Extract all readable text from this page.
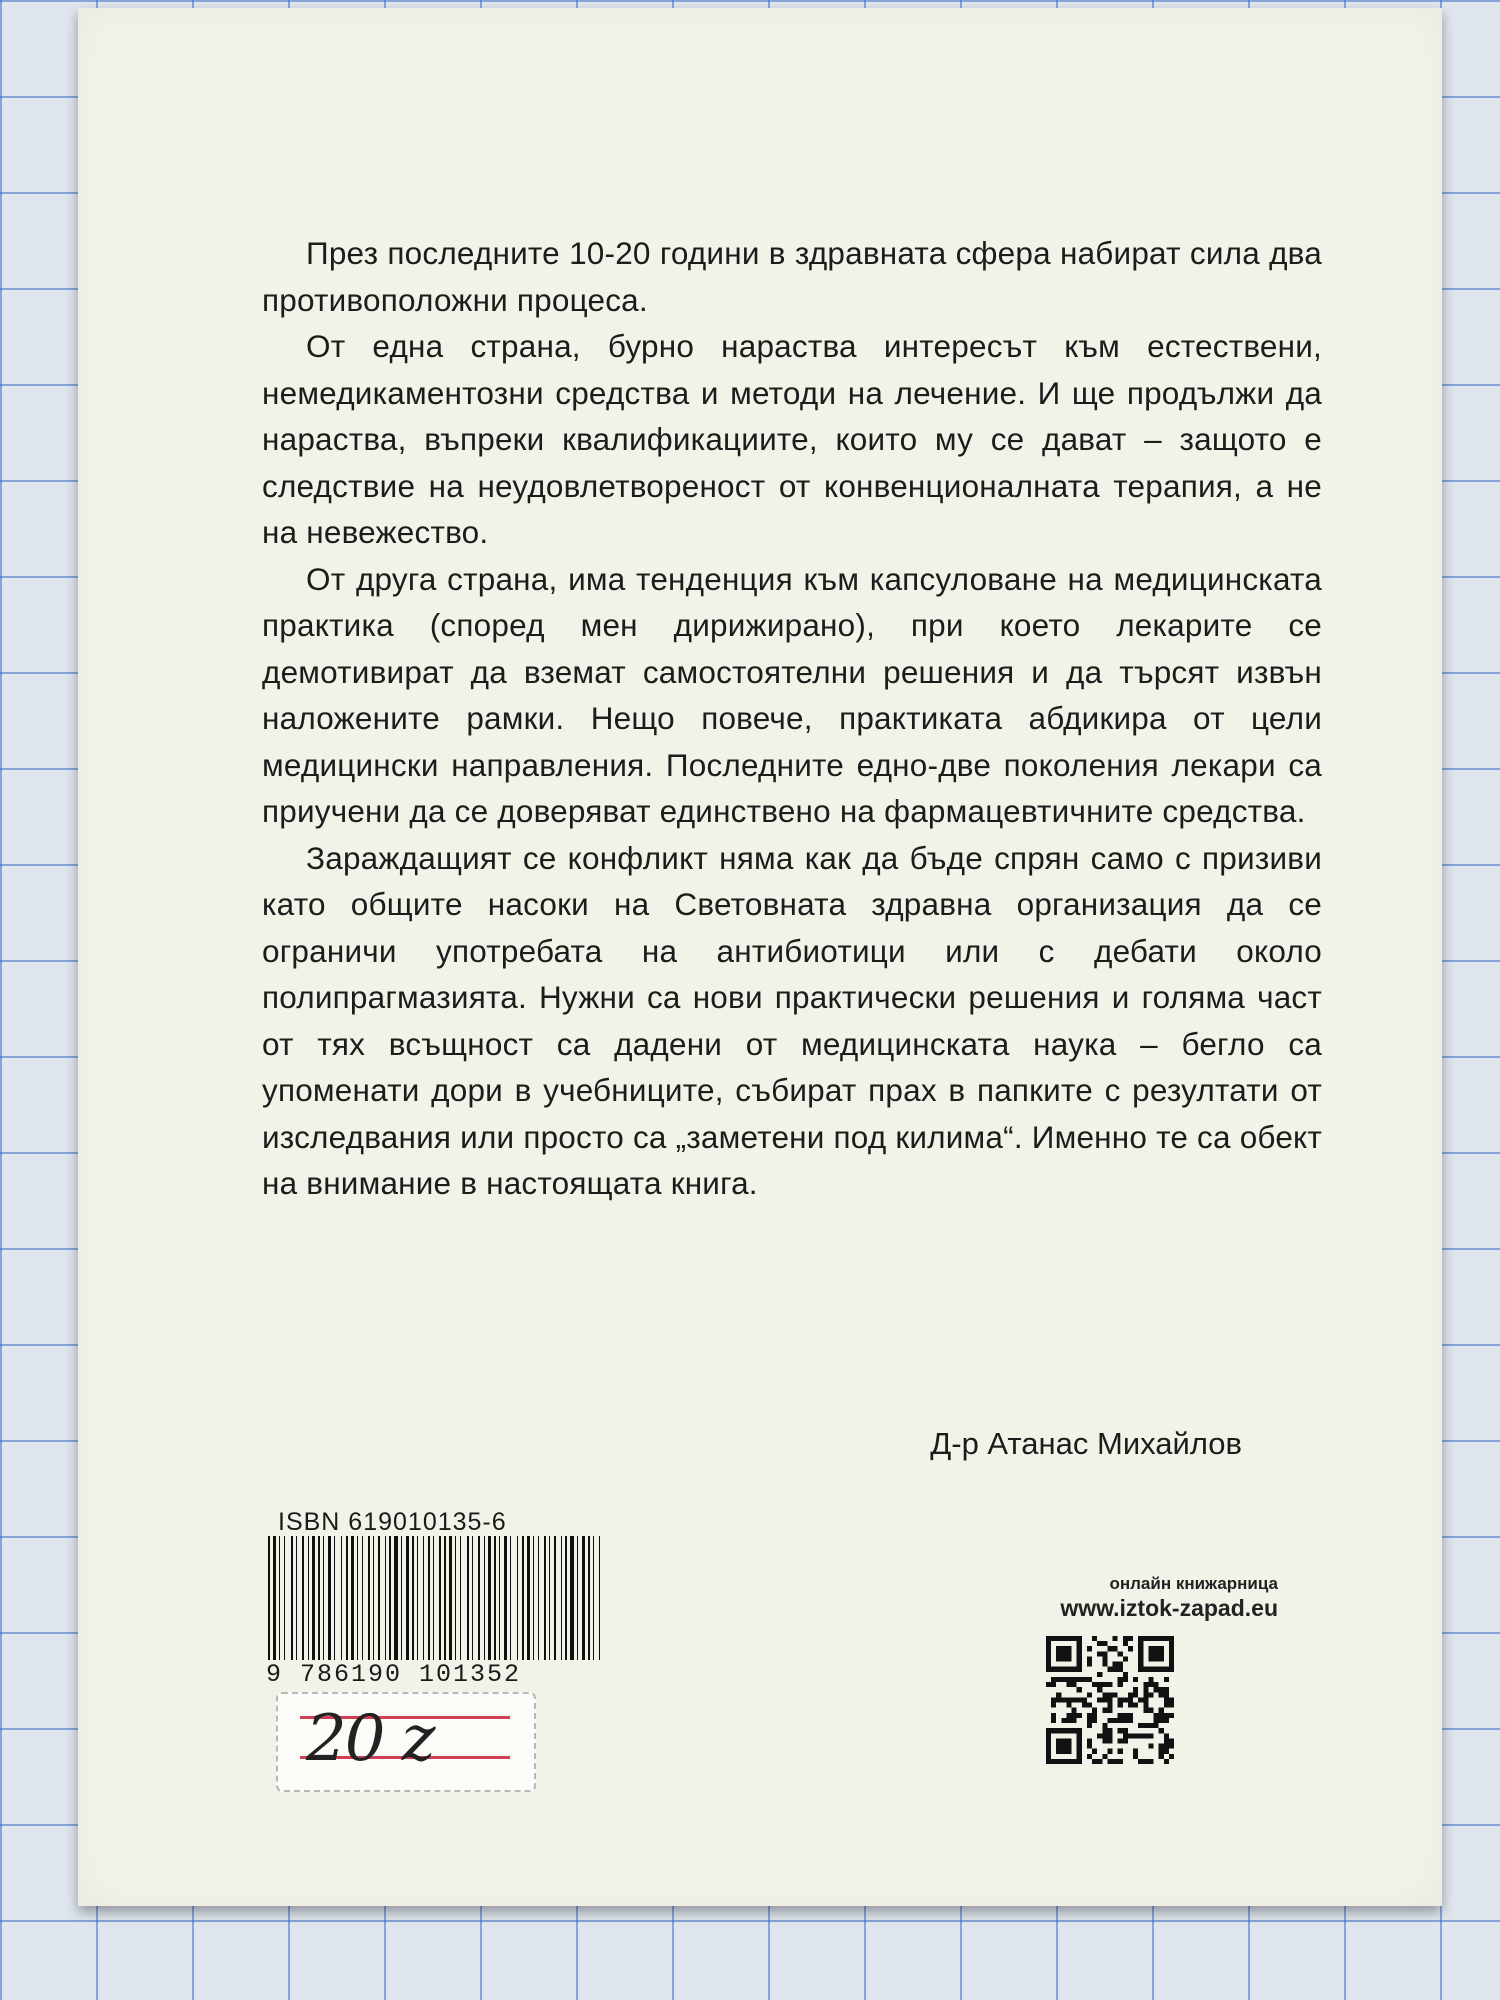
През последните 10-20 години в здравната сфера набират сила два противоположни процеса.

От една страна, бурно нараства интересът към естествени, немедикаментозни средства и методи на лечение. И ще продължи да нараства, въпреки квалификациите, които му се дават – защото е следствие на неудовлетвореност от конвенционалната терапия, а не на невежество.

От друга страна, има тенденция към капсуловане на медицинската практика (според мен дирижирано), при което лекарите се демотивират да вземат самостоятелни решения и да търсят извън наложените рамки. Нещо повече, практиката абдикира от цели медицински направления. Последните едно-две поколения лекари са приучени да се доверяват единствено на фармацевтичните средства.

Зараждащият се конфликт няма как да бъде спрян само с призиви като общите насоки на Световната здравна организация да се ограничи употребата на антибиотици или с дебати около полипрагмазията. Нужни са нови практически решения и голяма част от тях всъщност са дадени от медицинската наука – бегло са упоменати дори в учебниците, събират прах в папките с резултати от изследвания или просто са „заметени под килима“. Именно те са обект на внимание в настоящата книга.

Д-р Атанас Михайлов
ISBN 619010135-6
9 786190 101352
20 z
онлайн книжарница
www.iztok-zapad.eu
